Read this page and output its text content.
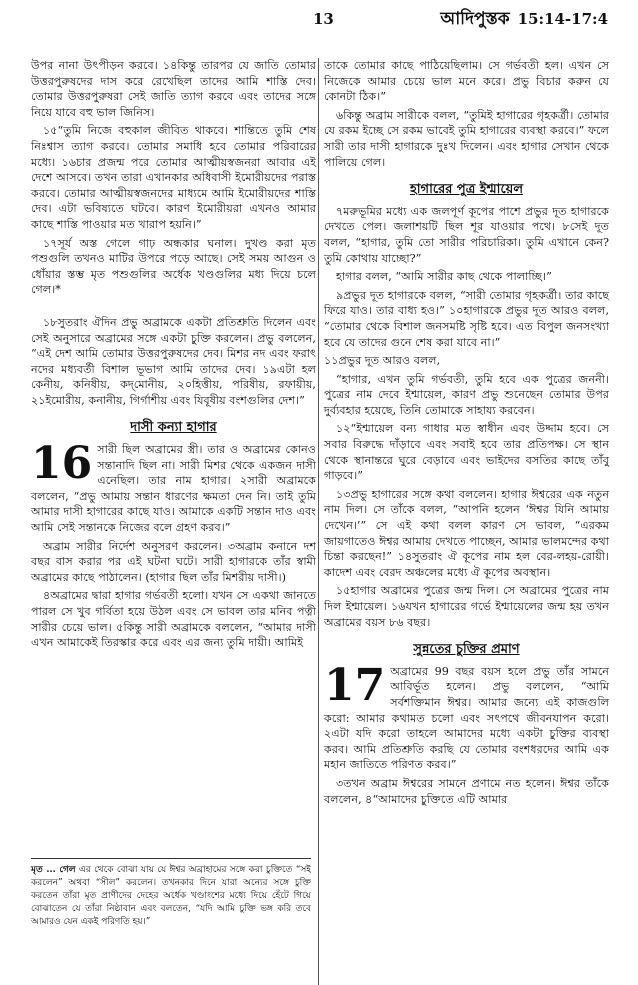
13	আদিপুস্তক 15:14-17:4

উপর নানা উৎপীড়ন করবে। ১৪কিন্তু তারপর যে জাতি তোমার উত্তরপুরুষদের দাস করে রেখেছিল তাদের আমি শাস্তি দেব। তোমার উত্তরপুরুষরা সেই জাতি ত্যাগ করবে এবং তাদের সঙ্গে নিয়ে যাবে বহু ভাল জিনিস।

১৫“তুমি নিজে বহুকাল জীবিত থাকবে। শান্তিতে তুমি শেষ নিঃশ্বাস ত্যাগ করবে। তোমার সমাধি হবে তোমার পরিবারের মধ্যে। ১৬চার প্রজন্ম পরে তোমার আত্মীয়স্বজনরা আবার এই দেশে আসবে। তখন তারা এখানকার অধিবাসী ইমোরীয়দের পরাস্ত করবে। তোমার আত্মীয়স্বজনদের মাধ্যমে আমি ইমোরীয়দের শাস্তি দেব। এটা ভবিষ্যতে ঘটবে। কারণ ইমোরীয়রা এখনও আমার কাছে শাস্তি পাওয়ার মত খারাপ হয়নি।”

১৭সূর্য অস্ত গেলে গাঢ় অন্ধকার ঘনাল। দুখণ্ড করা মৃত পশুগুলি তখনও মাটির উপরে পড়ে আছে। সেই সময় আগুন ও ধোঁয়ার স্তম্ভ মৃত পশুগুলির অর্ধেক খণ্ডগুলির মধ্য দিয়ে চলে গেল।*

১৮সুতরাং ঐদিন প্রভু অব্রামকে একটা প্রতিশ্রুতি দিলেন এবং সেই অনুসারে অব্রামের সঙ্গে একটা চুক্তি করলেন। প্রভু বললেন, “এই দেশ আমি তোমার উত্তরপুরুষদের দেব। মিশর নদ এবং ফরাৎ নদের মধ্যবর্তী বিশাল ভূভাগ আমি তাদের দেব। ১৯এটা হল কেনীয়, কনিষীয়, কদ্‌মোনীয়, ২০হিত্তীয়, পরিষীয়, রফায়ীয়, ২১ইমোরীয়, কনানীয়, গির্গাশীয় এবং যিবূষীয় বংশগুলির দেশ।”

দাসী কন্যা হাগার

16 সারী ছিল অব্রামের স্ত্রী। তার ও অব্রামের কোনও সন্তানাদি ছিল না। সারী মিশর থেকে একজন দাসী এনেছিল। তার নাম হাগার। ২সারী অব্রামকে বললেন, “প্রভু আমায় সন্তান ধারণের ক্ষমতা দেন নি। তাই তুমি আমার দাসী হাগারের কাছে যাও। আমাকে একটি সন্তান দাও এবং আমি সেই সন্তানকে নিজের বলে গ্রহণ করব।”

অব্রাম সারীর নির্দেশ অনুসরণ করলেন। ৩অব্রাম কনানে দশ বছর বাস করার পর এই ঘটনা ঘটে। সারী হাগারকে তাঁর স্বামী অব্রামের কাছে পাঠালেন। (হাগার ছিল তাঁর মিশরীয় দাসী।)

৪অব্রামের দ্বারা হাগার গর্ভবতী হলো। যখন সে একথা জানতে পারল সে খুব গর্বিতা হয়ে উঠল এবং সে ভাবল তার মনিব পত্নী সারীর চেয়ে ভাল। ৫কিন্তু সারী অব্রামকে বললেন, “আমার দাসী এখন আমাকেই তিরস্কার করে এবং এর জন্য তুমি দায়ী। আমিই

তাকে তোমার কাছে পাঠিয়েছিলাম। সে গর্ভবতী হল। এখন সে নিজেকে আমার চেয়ে ভাল মনে করে। প্রভু বিচার করুন যে কোনটা ঠিক।”

৬কিন্তু অব্রাম সারীকে বলল, “তুমিই হাগারের গৃহকর্ত্রী। তোমার যে রকম ইচ্ছে সে রকম ভাবেই তুমি হাগারের ব্যবস্থা করবে।” ফলে সারী তার দাসী হাগারকে দুঃখ দিলেন। এবং হাগার সেখান থেকে পালিয়ে গেল।

হাগারের পুত্র ইশ্মায়েল

৭মরুভূমির মধ্যে এক জলপূর্ণ কূপের পাশে প্রভুর দূত হাগারকে দেখতে পেল। জলাশয়টি ছিল শূর যাওয়ার পথে। ৮সেই দূত বলল, “হাগার, তুমি তো সারীর পরিচারিকা। তুমি এখানে কেন? তুমি কোথায় যাচ্ছো?”

হাগার বলল, “আমি সারীর কাছ থেকে পালাচ্ছি।”

৯প্রভুর দূত হাগারকে বলল, “সারী তোমার গৃহকর্ত্রী। তার কাছে ফিরে যাও। তার বাধ্য হও।” ১০হাগারকে প্রভুর দূত আরও বলল, “তোমার থেকে বিশাল জনসমষ্টি সৃষ্টি হবে। এত বিপুল জনসংখ্যা হবে যে তাদের গুনে শেষ করা যাবে না।”

১১প্রভুর দূত আরও বলল,

“হাগার, এখন তুমি গর্ভবতী, তুমি হবে এক পুত্রের জননী। পুত্রের নাম দেবে ইশ্মায়েল, কারণ প্রভু শুনেছেন তোমার উপর দুর্ব্যবহার হয়েছে, তিনি তোমাকে সাহায্য করবেন।

১২“ইশ্মায়েল বন্য গাধার মত স্বাধীন এবং উদ্দাম হবে। সে সবার বিরুদ্ধে দাঁড়াবে এবং সবাই হবে তার প্রতিপক্ষ। সে স্থান থেকে স্থানান্তরে ঘুরে বেড়াবে এবং ভাইদের বসতির কাছে তাঁবু গাড়বে।”

১৩প্রভু হাগারের সঙ্গে কথা বললেন। হাগার ঈশ্বরের এক নতুন নাম দিল। সে তাঁকে বলল, “আপনি হলেন ‘ঈশ্বর যিনি আমায় দেখেন।’” সে এই কথা বলল কারণ সে ভাবল, “এরকম জায়গাতেও ঈশ্বর আমায় দেখতে পাচ্ছেন, আমার ভালমন্দের কথা চিন্তা করছেন!” ১৪সুতরাং ঐ কূপের নাম হল বের-লহয়-রোয়ী। কাদেশ এবং বেরদ অঞ্চলের মধ্যে ঐ কূপের অবস্থান।

১৫হাগার অব্রামের পুত্রের জন্ম দিল। সে অব্রামের পুত্রের নাম দিল ইশ্মায়েল। ১৬যখন হাগারের গর্ভে ইশ্মায়েলের জন্ম হয় তখন অব্রামের বয়স ৮৬ বছর।

সুন্নতের চুক্তির প্রমাণ

17 অব্রামের 99 বছর বয়স হলে প্রভু তাঁর সামনে আবির্ভূত হলেন। প্রভু বললেন, “আমি সর্বশক্তিমান ঈশ্বর। আমার জন্যে এই কাজগুলি করো: আমার কথামত চলো এবং সৎপথে জীবনযাপন করো। ২এটা যদি করো তাহলে আমাদের মধ্যে একটা চুক্তির ব্যবস্থা করব। আমি প্রতিশ্রুতি করছি যে তোমার বংশধরদের আমি এক মহান জাতিতে পরিণত করব।”

৩তখন অব্রাম ঈশ্বরের সামনে প্রণামে নত হলেন। ঈশ্বর তাঁকে বললেন, ৪“আমাদের চুক্তিতে এটি আমার

মৃত ... গেল এর থেকে বোঝা যায় যে ঈশ্বর অব্রাহামের সঙ্গে করা চুক্তিতে “সই করলেন” অথবা “সীল” করলেন। তখনকার দিনে যারা অন্যের সঙ্গে চুক্তি করতেন তাঁরা মৃত প্রাণীদের দেহের অর্ধেক খণ্ডাংশের মধ্যে দিয়ে হেঁটে গিয়ে বোঝাতেন যে তাঁরা নিষ্ঠাবান এবং বলতেন, “যদি আমি চুক্তি ভঙ্গ করি তবে আমারও যেন একই পরিণতি হয়।”
